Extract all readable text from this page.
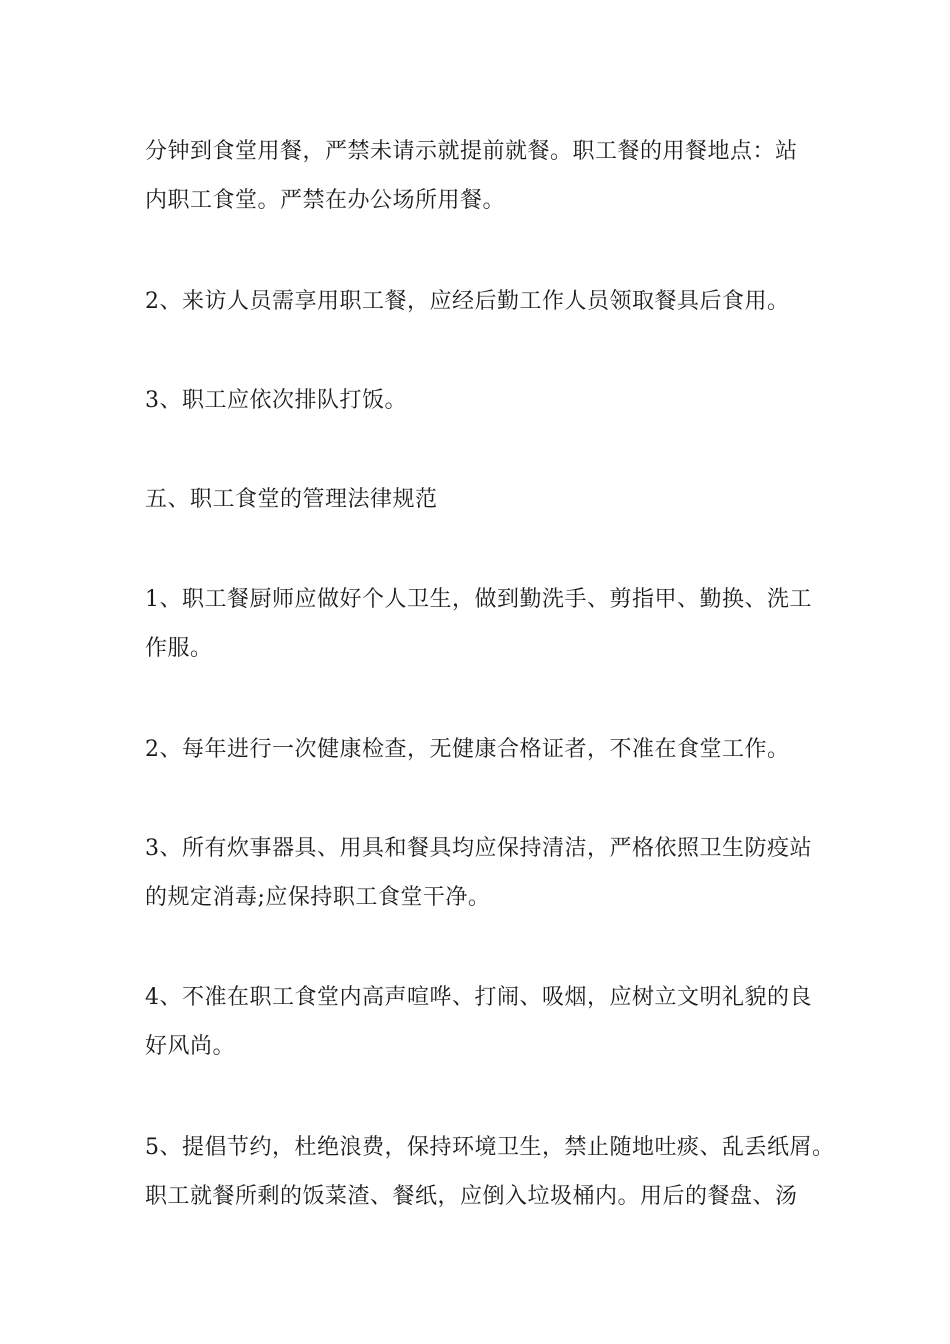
分钟到食堂用餐，严禁未请示就提前就餐。职工餐的用餐地点：站
内职工食堂。严禁在办公场所用餐。
2、来访人员需享用职工餐，应经后勤工作人员领取餐具后食用。
3、职工应依次排队打饭。
五、职工食堂的管理法律规范
1、职工餐厨师应做好个人卫生，做到勤洗手、剪指甲、勤换、洗工
作服。
2、每年进行一次健康检查，无健康合格证者，不准在食堂工作。
3、所有炊事器具、用具和餐具均应保持清洁，严格依照卫生防疫站
的规定消毒;应保持职工食堂干净。
4、不准在职工食堂内高声喧哗、打闹、吸烟，应树立文明礼貌的良
好风尚。
5、提倡节约，杜绝浪费，保持环境卫生，禁止随地吐痰、乱丢纸屑。
职工就餐所剩的饭菜渣、餐纸，应倒入垃圾桶内。用后的餐盘、汤
